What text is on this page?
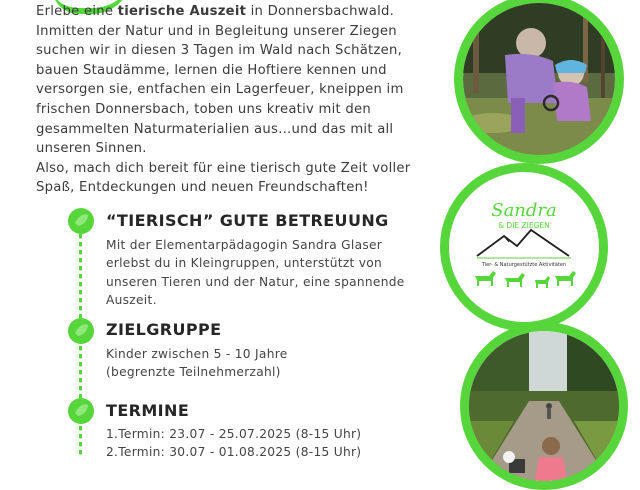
Erlebe eine tierische Auszeit in Donnersbachwald.

Inmitten der Natur und in Begleitung unserer Ziegen

suchen wir in diesen 3 Tagen im Wald nach Schätzen,

bauen Staudämme, lernen die Hoftiere kennen und

versorgen sie, entfachen ein Lagerfeuer, kneippen im

frischen Donnersbach, toben uns kreativ mit den

gesammelten Naturmaterialien aus…und das mit all

unseren Sinnen.

Also, mach dich bereit für eine tierisch gute Zeit voller

Spaß, Entdeckungen und neuen Freundschaften!

“TIERISCH” GUTE BETREUUNG

Mit der Elementarpädagogin Sandra Glaser

erlebst du in Kleingruppen, unterstützt von

unseren Tieren und der Natur, eine spannende

Auszeit.

ZIELGRUPPE

Kinder zwischen 5 - 10 Jahre

(begrenzte Teilnehmerzahl)

TERMINE

1.Termin: 23.07 - 25.07.2025 (8-15 Uhr)

2.Termin: 30.07 - 01.08.2025 (8-15 Uhr)

Sandra
& DIE ZIEGEN
Tier- & Naturgestützte Aktivitäten
